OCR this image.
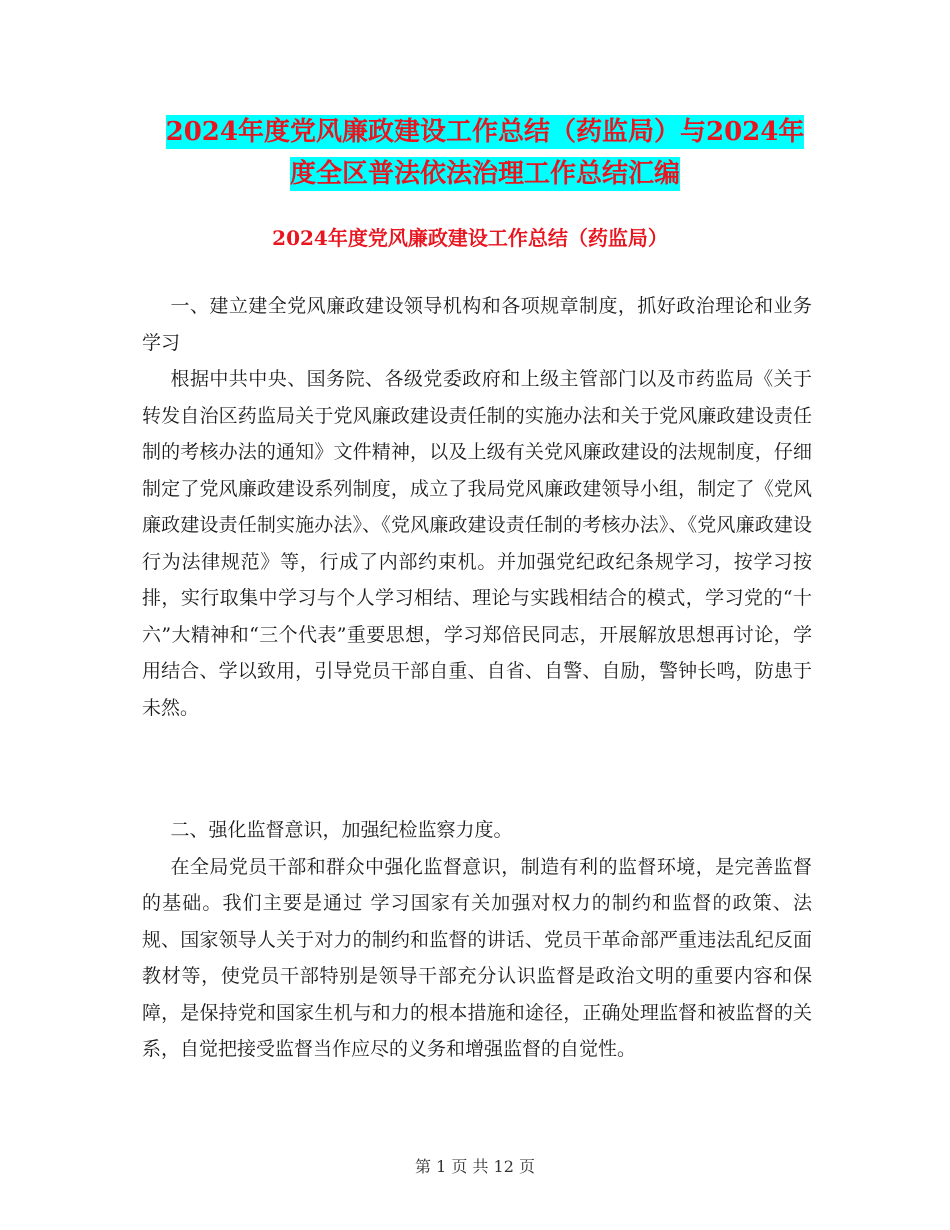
2024年度党风廉政建设工作总结（药监局）与2024年
度全区普法依法治理工作总结汇编
2024年度党风廉政建设工作总结（药监局）

一、建立建全党风廉政建设领导机构和各项规章制度，抓好政治理论和业务学习

根据中共中央、国务院、各级党委政府和上级主管部门以及市药监局《关于转发自治区药监局关于党风廉政建设责任制的实施办法和关于党风廉政建设责任制的考核办法的通知》文件精神，以及上级有关党风廉政建设的法规制度，仔细制定了党风廉政建设系列制度，成立了我局党风廉政建领导小组，制定了《党风廉政建设责任制实施办法》、《党风廉政建设责任制的考核办法》、《党风廉政建设行为法律规范》等，行成了内部约束机。并加强党纪政纪条规学习，按学习按排，实行取集中学习与个人学习相结、理论与实践相结合的模式，学习党的“十六”大精神和“三个代表”重要思想，学习郑倍民同志，开展解放思想再讨论，学用结合、学以致用，引导党员干部自重、自省、自警、自励，警钟长鸣，防患于未然。

二、强化监督意识，加强纪检监察力度。

在全局党员干部和群众中强化监督意识，制造有利的监督环境，是完善监督的基础。我们主要是通过 学习国家有关加强对权力的制约和监督的政策、法规、国家领导人关于对力的制约和监督的讲话、党员干革命部严重违法乱纪反面教材等，使党员干部特别是领导干部充分认识监督是政治文明的重要内容和保障，是保持党和国家生机与和力的根本措施和途径，正确处理监督和被监督的关系，自觉把接受监督当作应尽的义务和增强监督的自觉性。

第 1 页 共 12 页
